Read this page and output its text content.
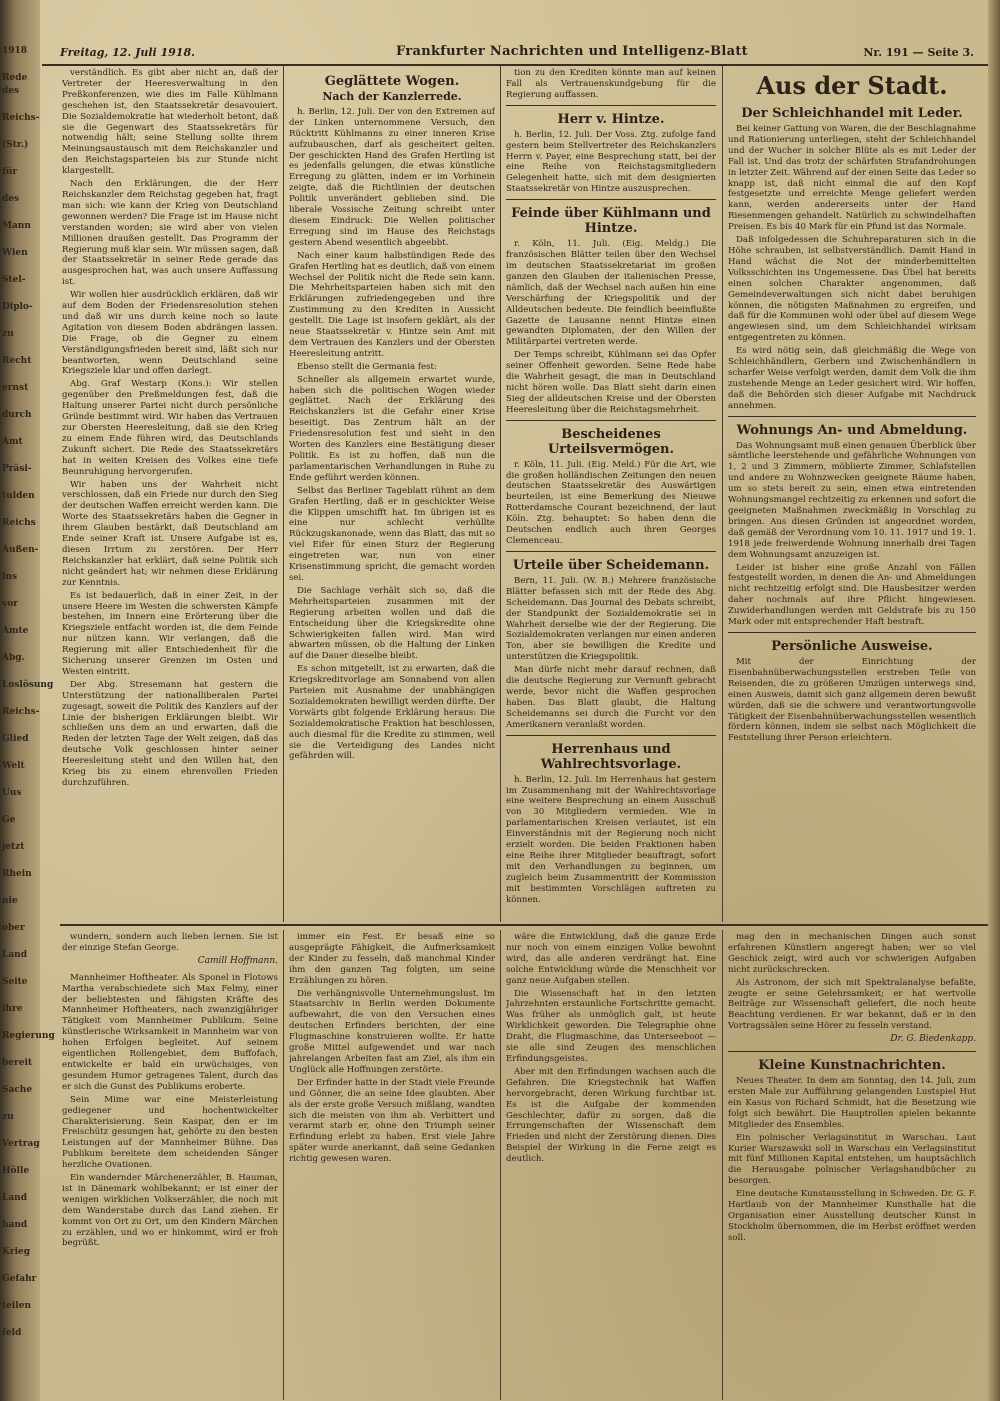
1918
Rede des
Reichs-
(Str.)
für
des
Mann
Wien
Stel-
Diplo-
zu
Recht
ernst
durch
Amt
Präsi-
tulden
Reichs
Außen-
ins
vor
Amte
Abg.
Loslösung
Reichs-
Glied
Welt
Uus
Ge
jetzt
Rhein
nie
ober
Land
Seite
ihre
Regierung
bereit
Sache
zu
Vertrag
Hölle
Land
hand
Krieg
Gefahr
teilen
feld
Freitag, 12. Juli 1918.	Frankfurter Nachrichten und Intelligenz-Blatt	Nr. 191 — Seite 3.

verständlich. Es gibt aber nicht an, daß der Vertreter der Heeresverwaltung in den Preßkonferenzen, wie dies im Falle Kühlmann geschehen ist, den Staatssekretär desavouiert. Die Sozialdemokratie hat wiederholt betont, daß sie die Gegenwart des Staatssekretärs für notwendig hält; seine Stellung sollte ihrem Meinungsaustausch mit dem Reichskanzler und den Reichstagsparteien bis zur Stunde nicht klargestellt.

Nach den Erklärungen, die der Herr Reichskanzler dem Reichstag gegeben hat, fragt man sich: wie kann der Krieg von Deutschland gewonnen werden? Die Frage ist im Hause nicht verstanden worden; sie wird aber von vielen Millionen draußen gestellt. Das Programm der Regierung muß klar sein. Wir müssen sagen, daß der Staatssekretär in seiner Rede gerade das ausgesprochen hat, was auch unsere Auffassung ist.

Wir wollen hier ausdrücklich erklären, daß wir auf dem Boden der Friedensresolution stehen und daß wir uns durch keine noch so laute Agitation von diesem Boden abdrängen lassen. Die Frage, ob die Gegner zu einem Verständigungsfrieden bereit sind, läßt sich nur beantworten, wenn Deutschland seine Kriegsziele klar und offen darlegt.

Abg. Graf Westarp (Kons.): Wir stellen gegenüber den Preßmeldungen fest, daß die Haltung unserer Partei nicht durch persönliche Gründe bestimmt wird. Wir haben das Vertrauen zur Obersten Heeresleitung, daß sie den Krieg zu einem Ende führen wird, das Deutschlands Zukunft sichert. Die Rede des Staatssekretärs hat in weiten Kreisen des Volkes eine tiefe Beunruhigung hervorgerufen.

Wir haben uns der Wahrheit nicht verschlossen, daß ein Friede nur durch den Sieg der deutschen Waffen erreicht werden kann. Die Worte des Staatssekretärs haben die Gegner in ihrem Glauben bestärkt, daß Deutschland am Ende seiner Kraft ist. Unsere Aufgabe ist es, diesen Irrtum zu zerstören. Der Herr Reichskanzler hat erklärt, daß seine Politik sich nicht geändert hat; wir nehmen diese Erklärung zur Kenntnis.

Es ist bedauerlich, daß in einer Zeit, in der unsere Heere im Westen die schwersten Kämpfe bestehen, im Innern eine Erörterung über die Kriegsziele entfacht worden ist, die dem Feinde nur nützen kann. Wir verlangen, daß die Regierung mit aller Entschiedenheit für die Sicherung unserer Grenzen im Osten und Westen eintritt.

Der Abg. Stresemann hat gestern die Unterstützung der nationalliberalen Partei zugesagt, soweit die Politik des Kanzlers auf der Linie der bisherigen Erklärungen bleibt. Wir schließen uns dem an und erwarten, daß die Reden der letzten Tage der Welt zeigen, daß das deutsche Volk geschlossen hinter seiner Heeresleitung steht und den Willen hat, den Krieg bis zu einem ehrenvollen Frieden durchzuführen.

Geglättete Wogen.
Nach der Kanzlerrede.

h. Berlin, 12. Juli. Der von den Extremen auf der Linken unternommene Versuch, den Rücktritt Kühlmanns zu einer inneren Krise aufzubauschen, darf als gescheitert gelten. Der geschickten Hand des Grafen Hertling ist es jedenfalls gelungen, die etwas künstliche Erregung zu glätten, indem er im Vorhinein zeigte, daß die Richtlinien der deutschen Politik unverändert geblieben sind. Die liberale Vossische Zeitung schreibt unter diesem Eindruck: Die Wellen politischer Erregung sind im Hause des Reichstags gestern Abend wesentlich abgeebbt.

Nach einer kaum halbstündigen Rede des Grafen Hertling hat es deutlich, daß von einem Wechsel der Politik nicht die Rede sein kann. Die Mehrheitsparteien haben sich mit den Erklärungen zufriedengegeben und ihre Zustimmung zu den Krediten in Aussicht gestellt. Die Lage ist insofern geklärt, als der neue Staatssekretär v. Hintze sein Amt mit dem Vertrauen des Kanzlers und der Obersten Heeresleitung antritt.

Ebenso stellt die Germania fest:

Schneller als allgemein erwartet wurde, haben sich die politischen Wogen wieder geglättet. Nach der Erklärung des Reichskanzlers ist die Gefahr einer Krise beseitigt. Das Zentrum hält an der Friedensresolution fest und sieht in den Worten des Kanzlers eine Bestätigung dieser Politik. Es ist zu hoffen, daß nun die parlamentarischen Verhandlungen in Ruhe zu Ende geführt werden können.

Selbst das Berliner Tageblatt rühmt an dem Grafen Hertling, daß er in geschickter Weise die Klippen umschifft hat. Im übrigen ist es eine nur schlecht verhüllte Rückzugskanonade, wenn das Blatt, das mit so viel Eifer für einen Sturz der Regierung eingetreten war, nun von einer Krisenstimmung spricht, die gemacht worden sei.

Die Sachlage verhält sich so, daß die Mehrheitsparteien zusammen mit der Regierung arbeiten wollen und daß die Entscheidung über die Kriegskredite ohne Schwierigkeiten fallen wird. Man wird abwarten müssen, ob die Haltung der Linken auf die Dauer dieselbe bleibt.

Es schon mitgeteilt, ist zu erwarten, daß die Kriegskreditvorlage am Sonnabend von allen Parteien mit Ausnahme der unabhängigen Sozialdemokraten bewilligt werden dürfte. Der Vorwärts gibt folgende Erklärung heraus: Die Sozialdemokratische Fraktion hat beschlossen, auch diesmal für die Kredite zu stimmen, weil sie die Verteidigung des Landes nicht gefährden will.

tion zu den Krediten könnte man auf keinen Fall als Vertrauenskundgebung für die Regierung auffassen.

Herr v. Hintze.

h. Berlin, 12. Juli. Der Voss. Ztg. zufolge fand gestern beim Stellvertreter des Reichskanzlers Herrn v. Payer, eine Besprechung statt, bei der eine Reihe von Reichstagsmitgliedern Gelegenheit hatte, sich mit dem designierten Staatssekretär von Hintze auszusprechen.

Feinde über Kühlmann und Hintze.

r. Köln, 11. Juli. (Eig. Meldg.) Die französischen Blätter teilen über den Wechsel im deutschen Staatssekretariat im großen ganzen den Glauben der italienischen Presse, nämlich, daß der Wechsel nach außen hin eine Verschärfung der Kriegspolitik und der Alldeutschen bedeute. Die feindlich beeinflußte Gazette de Lausanne nennt Hintze einen gewandten Diplomaten, der den Willen der Militärpartei vertreten werde.

Der Temps schreibt, Kühlmann sei das Opfer seiner Offenheit geworden. Seine Rede habe die Wahrheit gesagt, die man in Deutschland nicht hören wolle. Das Blatt sieht darin einen Sieg der alldeutschen Kreise und der Obersten Heeresleitung über die Reichstagsmehrheit.

Bescheidenes Urteilsvermögen.

r. Köln, 11. Juli. (Eig. Meld.) Für die Art, wie die großen holländischen Zeitungen den neuen deutschen Staatssekretär des Auswärtigen beurteilen, ist eine Bemerkung des Nieuwe Rotterdamsche Courant bezeichnend, der laut Köln. Ztg. behauptet: So haben denn die Deutschen endlich auch ihren Georges Clemenceau.

Urteile über Scheidemann.

Bern, 11. Juli. (W. B.) Mehrere französische Blätter befassen sich mit der Rede des Abg. Scheidemann. Das Journal des Debats schreibt, der Standpunkt der Sozialdemokratie sei in Wahrheit derselbe wie der der Regierung. Die Sozialdemokraten verlangen nur einen anderen Ton, aber sie bewilligen die Kredite und unterstützen die Kriegspolitik.

Man dürfe nicht mehr darauf rechnen, daß die deutsche Regierung zur Vernunft gebracht werde, bevor nicht die Waffen gesprochen haben. Das Blatt glaubt, die Haltung Scheidemanns sei durch die Furcht vor den Amerikanern veranlaßt worden.

Herrenhaus und Wahlrechtsvorlage.

h. Berlin, 12. Juli. Im Herrenhaus hat gestern im Zusammenhang mit der Wahlrechtsvorlage eine weitere Besprechung an einem Ausschuß von 30 Mitgliedern vermieden. Wie in parlamentarischen Kreisen verlautet, ist ein Einverständnis mit der Regierung noch nicht erzielt worden. Die beiden Fraktionen haben eine Reihe ihrer Mitglieder beauftragt, sofort mit den Verhandlungen zu beginnen, um zugleich beim Zusammentritt der Kommission mit bestimmten Vorschlägen auftreten zu können.

Aus der Stadt.
Der Schleichhandel mit Leder.

Bei keiner Gattung von Waren, die der Beschlagnahme und Rationierung unterliegen, steht der Schleichhandel und der Wucher in solcher Blüte als es mit Leder der Fall ist. Und das trotz der schärfsten Strafandrohungen in letzter Zeit. Während auf der einen Seite das Leder so knapp ist, daß nicht einmal die auf den Kopf festgesetzte und erreichte Menge geliefert werden kann, werden andererseits unter der Hand Riesenmengen gehandelt. Natürlich zu schwindelhaften Preisen. Es bis 40 Mark für ein Pfund ist das Normale.

Daß infolgedessen die Schuhreparaturen sich in die Höhe schrauben, ist selbstverständlich. Damit Hand in Hand wächst die Not der minderbemittelten Volksschichten ins Ungemessene. Das Übel hat bereits einen solchen Charakter angenommen, daß Gemeindeverwaltungen sich nicht dabei beruhigen können, die nötigsten Maßnahmen zu ergreifen, und daß für die Kommunen wohl oder übel auf diesem Wege angewiesen sind, um dem Schleichhandel wirksam entgegentreten zu können.

Es wird nötig sein, daß gleichmäßig die Wege von Schleichhändlern, Gerbern und Zwischenhändlern in scharfer Weise verfolgt werden, damit dem Volk die ihm zustehende Menge an Leder gesichert wird. Wir hoffen, daß die Behörden sich dieser Aufgabe mit Nachdruck annehmen.

Wohnungs An- und Abmeldung.

Das Wohnungsamt muß einen genauen Überblick über sämtliche leerstehende und gefährliche Wohnungen von 1, 2 und 3 Zimmern, möblierte Zimmer, Schlafstellen und andere zu Wohnzwecken geeignete Räume haben, um so stets bereit zu sein, einen etwa eintretenden Wohnungsmangel rechtzeitig zu erkennen und sofort die geeigneten Maßnahmen zweckmäßig in Vorschlag zu bringen. Aus diesen Gründen ist angeordnet worden, daß gemäß der Verordnung vom 10. 11. 1917 und 19. 1. 1918 jede freiwerdende Wohnung innerhalb drei Tagen dem Wohnungsamt anzuzeigen ist.

Leider ist bisher eine große Anzahl von Fällen festgestellt worden, in denen die An- und Abmeldungen nicht rechtzeitig erfolgt sind. Die Hausbesitzer werden daher nochmals auf ihre Pflicht hingewiesen. Zuwiderhandlungen werden mit Geldstrafe bis zu 150 Mark oder mit entsprechender Haft bestraft.

Persönliche Ausweise.

Mit der Einrichtung der Eisenbahnüberwachungsstellen erstreben Teile von Reisenden, die zu größeren Umzügen unterwegs sind, einen Ausweis, damit sich ganz allgemein deren bewußt würden, daß sie die schwere und verantwortungsvolle Tätigkeit der Eisenbahnüberwachungsstellen wesentlich fördern können, indem sie selbst nach Möglichkeit die Feststellung ihrer Person erleichtern.

wundern, sondern auch lieben lernen. Sie ist der einzige Stefan George.

Camill Hoffmann.

Mannheimer Hoftheater. Als Sponel in Flotows Martha verabschiedete sich Max Felmy, einer der beliebtesten und fähigsten Kräfte des Mannheimer Hoftheaters, nach zwanzigjähriger Tätigkeit vom Mannheimer Publikum. Seine künstlerische Wirksamkeit in Mannheim war von hohen Erfolgen begleitet. Auf seinem eigentlichen Rollengebiet, dem Buffofach, entwickelte er bald ein urwüchsiges, von gesundem Humor getragenes Talent, durch das er sich die Gunst des Publikums eroberte.

Sein Mime war eine Meisterleistung gediegener und hochentwickelter Charakterisierung. Sein Kaspar, den er im Freischütz gesungen hat, gehörte zu den besten Leistungen auf der Mannheimer Bühne. Das Publikum bereitete dem scheidenden Sänger herzliche Ovationen.

Ein wandernder Märchenerzähler, B. Hauman, ist in Dänemark wohlbekannt; er ist einer der wenigen wirklichen Volkserzähler, die noch mit dem Wanderstabe durch das Land ziehen. Er kommt von Ort zu Ort, um den Kindern Märchen zu erzählen, und wo er hinkommt, wird er froh begrüßt.

immer ein Fest. Er besaß eine so ausgeprägte Fähigkeit, die Aufmerksamkeit der Kinder zu fesseln, daß manchmal Kinder ihm den ganzen Tag folgten, um seine Erzählungen zu hören.

Die verhängnisvolle Unternehmungslust. Im Staatsarchiv in Berlin werden Dokumente aufbewahrt, die von den Versuchen eines deutschen Erfinders berichten, der eine Flugmaschine konstruieren wollte. Er hatte große Mittel aufgewendet und war nach jahrelangen Arbeiten fast am Ziel, als ihm ein Unglück alle Hoffnungen zerstörte.

Der Erfinder hatte in der Stadt viele Freunde und Gönner, die an seine Idee glaubten. Aber als der erste große Versuch mißlang, wandten sich die meisten von ihm ab. Verbittert und verarmt starb er, ohne den Triumph seiner Erfindung erlebt zu haben. Erst viele Jahre später wurde anerkannt, daß seine Gedanken richtig gewesen waren.

wäre die Entwicklung, daß die ganze Erde nur noch von einem einzigen Volke bewohnt wird, das alle anderen verdrängt hat. Eine solche Entwicklung würde die Menschheit vor ganz neue Aufgaben stellen.

Die Wissenschaft hat in den letzten Jahrzehnten erstaunliche Fortschritte gemacht. Was früher als unmöglich galt, ist heute Wirklichkeit geworden. Die Telegraphie ohne Draht, die Flugmaschine, das Unterseeboot — sie alle sind Zeugen des menschlichen Erfindungsgeistes.

Aber mit den Erfindungen wachsen auch die Gefahren. Die Kriegstechnik hat Waffen hervorgebracht, deren Wirkung furchtbar ist. Es ist die Aufgabe der kommenden Geschlechter, dafür zu sorgen, daß die Errungenschaften der Wissenschaft dem Frieden und nicht der Zerstörung dienen. Dies Beispiel der Wirkung in die Ferne zeigt es deutlich.

mag den in mechanischen Dingen auch sonst erfahrenen Künstlern angeregt haben; wer so viel Geschick zeigt, wird auch vor schwierigen Aufgaben nicht zurückschrecken.

Als Astronom, der sich mit Spektralanalyse befaßte, zeugte er seine Gelehrsamkeit; er hat wertvolle Beiträge zur Wissenschaft geliefert, die noch heute Beachtung verdienen. Er war bekannt, daß er in den Vortragssälen seine Hörer zu fesseln verstand.

Dr. G. Biedenkapp.
Kleine Kunstnachrichten.

Neues Theater. In dem am Sonntag, den 14. Juli, zum ersten Male zur Aufführung gelangenden Lustspiel Hut ein Kasus von Richard Schmidt, hat die Besetzung wie folgt sich bewährt. Die Hauptrollen spielen bekannte Mitglieder des Ensembles.

Ein polnischer Verlagsinstitut in Warschau. Laut Kurier Warszawski soll in Warschau ein Verlagsinstitut mit fünf Millionen Kapital entstehen, um hauptsächlich die Herausgabe polnischer Verlagshandbücher zu besorgen.

Eine deutsche Kunstausstellung in Schweden. Dr. G. F. Hartlaub von der Mannheimer Kunsthalle hat die Organisation einer Ausstellung deutscher Kunst in Stockholm übernommen, die im Herbst eröffnet werden soll.
